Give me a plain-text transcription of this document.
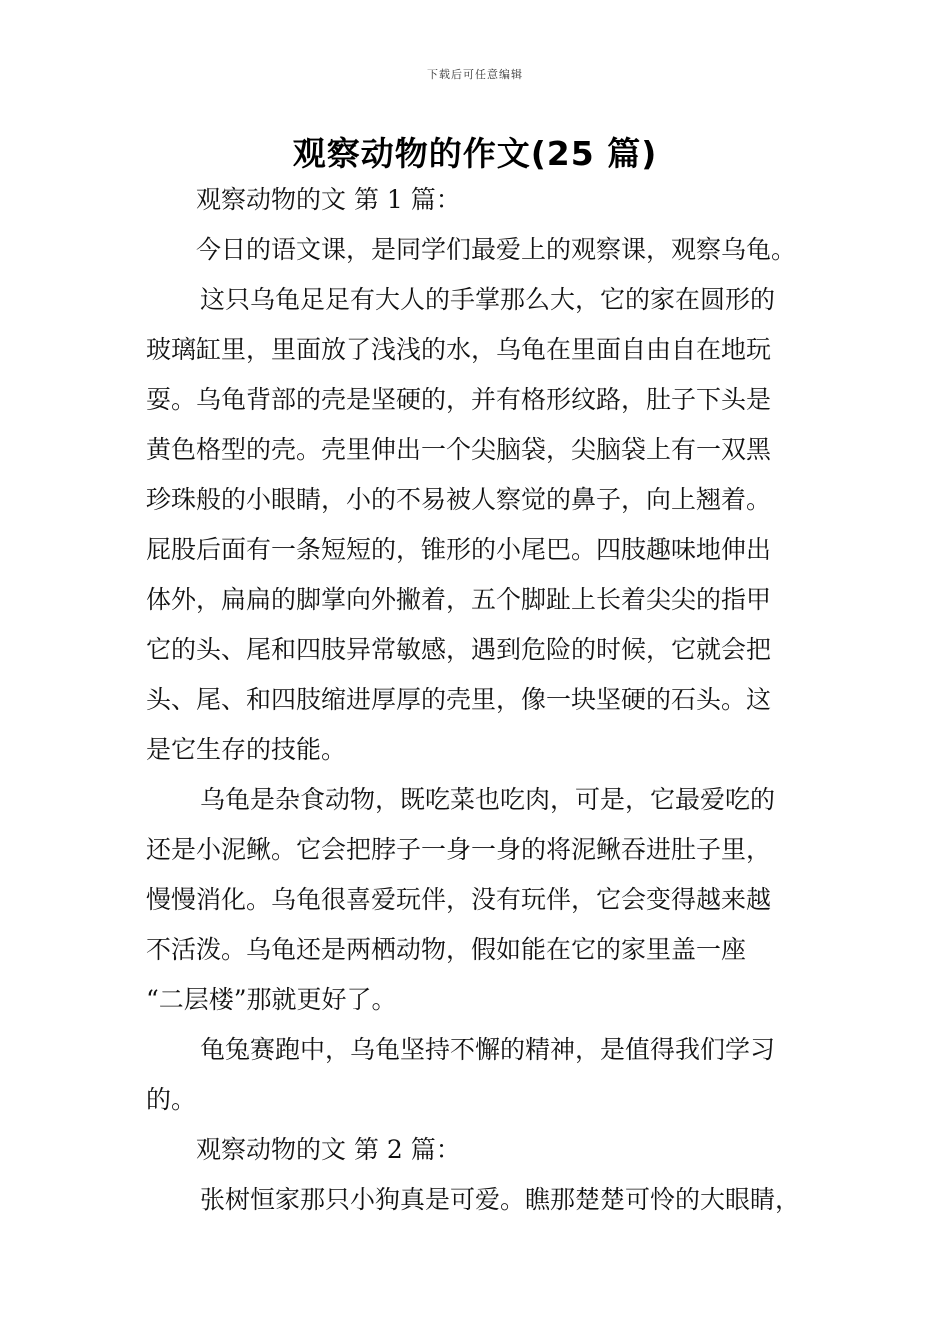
下载后可任意编辑
观察动物的作文(25 篇)
观察动物的文 第 1 篇：
今日的语文课，是同学们最爱上的观察课，观察乌龟。
这只乌龟足足有大人的手掌那么大，它的家在圆形的
玻璃缸里，里面放了浅浅的水，乌龟在里面自由自在地玩
耍。乌龟背部的壳是坚硬的，并有格形纹路，肚子下头是
黄色格型的壳。壳里伸出一个尖脑袋，尖脑袋上有一双黑
珍珠般的小眼睛，小的不易被人察觉的鼻子，向上翘着。
屁股后面有一条短短的，锥形的小尾巴。四肢趣味地伸出
体外，扁扁的脚掌向外撇着，五个脚趾上长着尖尖的指甲
它的头、尾和四肢异常敏感，遇到危险的时候，它就会把
头、尾、和四肢缩进厚厚的壳里，像一块坚硬的石头。这
是它生存的技能。
乌龟是杂食动物，既吃菜也吃肉，可是，它最爱吃的
还是小泥鳅。它会把脖子一身一身的将泥鳅吞进肚子里，
慢慢消化。乌龟很喜爱玩伴，没有玩伴，它会变得越来越
不活泼。乌龟还是两栖动物，假如能在它的家里盖一座
“二层楼”那就更好了。
龟兔赛跑中，乌龟坚持不懈的精神，是值得我们学习
的。
观察动物的文 第 2 篇：
张树恒家那只小狗真是可爱。瞧那楚楚可怜的大眼睛，
